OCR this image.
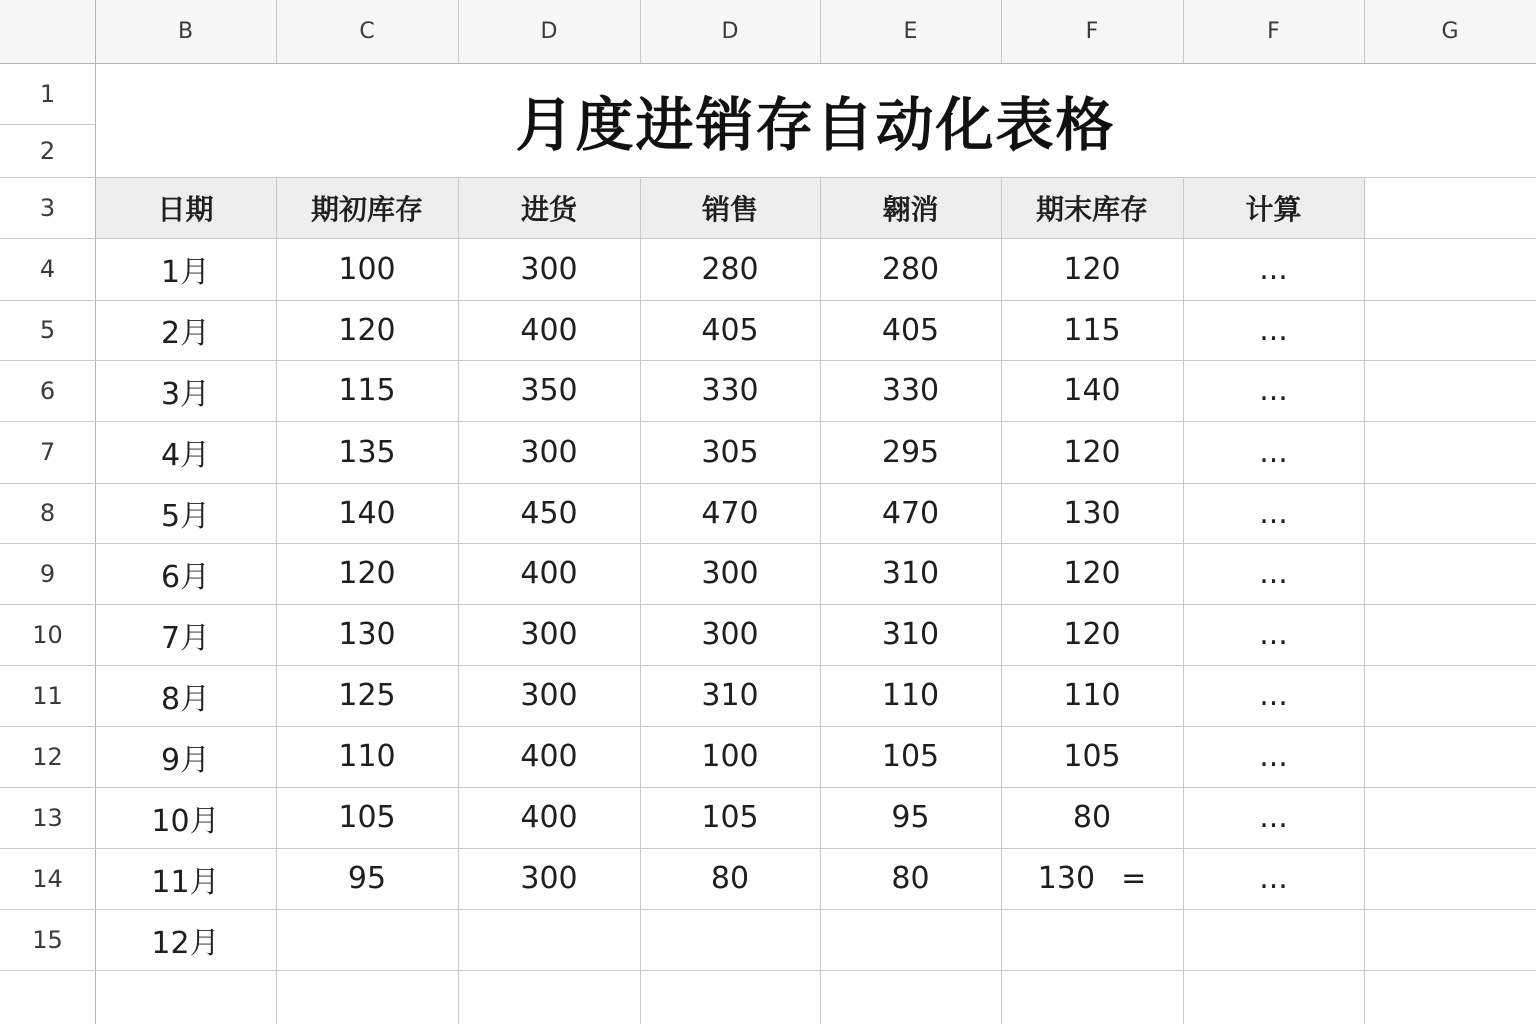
B	C	D	D	E	F	F	G
1
2
3
4
5
6
7
8
9
10
11
12
13
14
15
月度进销存自动化表格
日期	期初库存	进货	销售	翱消	期末库存	计算
1月	100	300	280	280	120	...
2月	120	400	405	405	115	...
3月	115	350	330	330	140	...
4月	135	300	305	295	120	...
5月	140	450	470	470	130	...
6月	120	400	300	310	120	...
7月	130	300	300	310	120	...
8月	125	300	310	110	110	...
9月	110	400	100	105	105	...
10月	105	400	105	95	80	...
11月	95	300	80	80	130 =	...
12月
